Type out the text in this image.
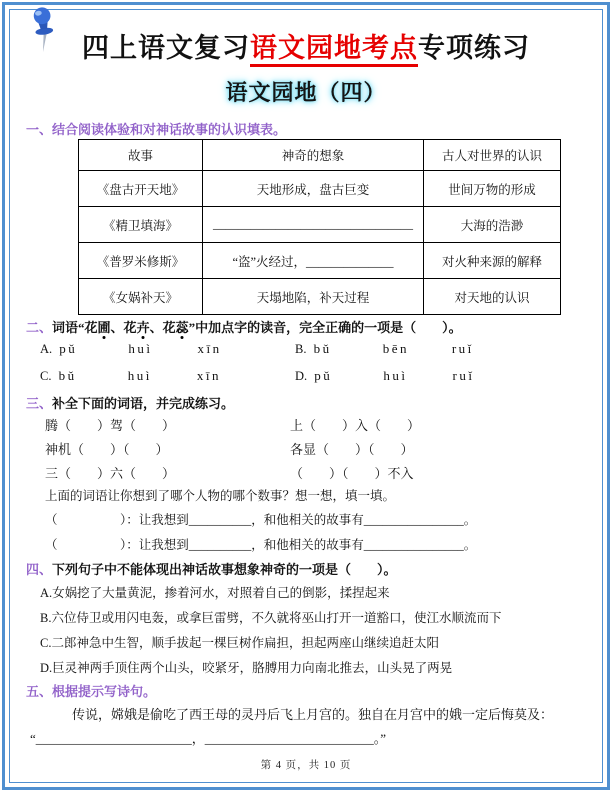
四上语文复习语文园地考点专项练习
语文园地（四）
一、结合阅读体验和对神话故事的认识填表。
故事	神奇的想象	古人对世界的认识
《盘古开天地》	天地形成，盘古巨变	世间万物的形成
《精卫填海》	________________________________	大海的浩渺
《普罗米修斯》	“盗”火经过，______________	对火种来源的解释
《女娲补天》	天塌地陷，补天过程	对天地的认识
二、词语“花圃、花卉、花蕊”中加点字的读音，完全正确的一项是（　　）。
A. pǔ	huì	xīn	B. bǔ	bēn	ruǐ
C. bǔ	huì	xīn	D. pǔ	huì	ruǐ
三、补全下面的词语，并完成练习。
腾（　　）驾（　　）	上（　　）入（　　）
神机（　　）（　　）	各显（　　）（　　）
三（　　）六（　　）	（　　）（　　）不入
上面的词语让你想到了哪个人物的哪个数事？想一想，填一填。
（　　　　　）：让我想到__________，和他相关的故事有________________。
（　　　　　）：让我想到__________，和他相关的故事有________________。
四、下列句子中不能体现出神话故事想象神奇的一项是（　　）。
A.女娲挖了大量黄泥，掺着河水，对照着自己的倒影，揉捏起来
B.六位侍卫或用闪电轰，或拿巨雷劈，不久就将巫山打开一道豁口，使江水顺流而下
C.二郎神急中生智，顺手拔起一棵巨树作扁担，担起两座山继续追赶太阳
D.巨灵神两手顶住两个山头，咬紧牙，胳膊用力向南北推去，山头晃了两晃
五、根据提示写诗句。
传说，嫦娥是偷吃了西王母的灵丹后飞上月宫的。独自在月宫中的娥一定后悔莫及：
“________________________，__________________________。”
第 4 页，共 10 页
